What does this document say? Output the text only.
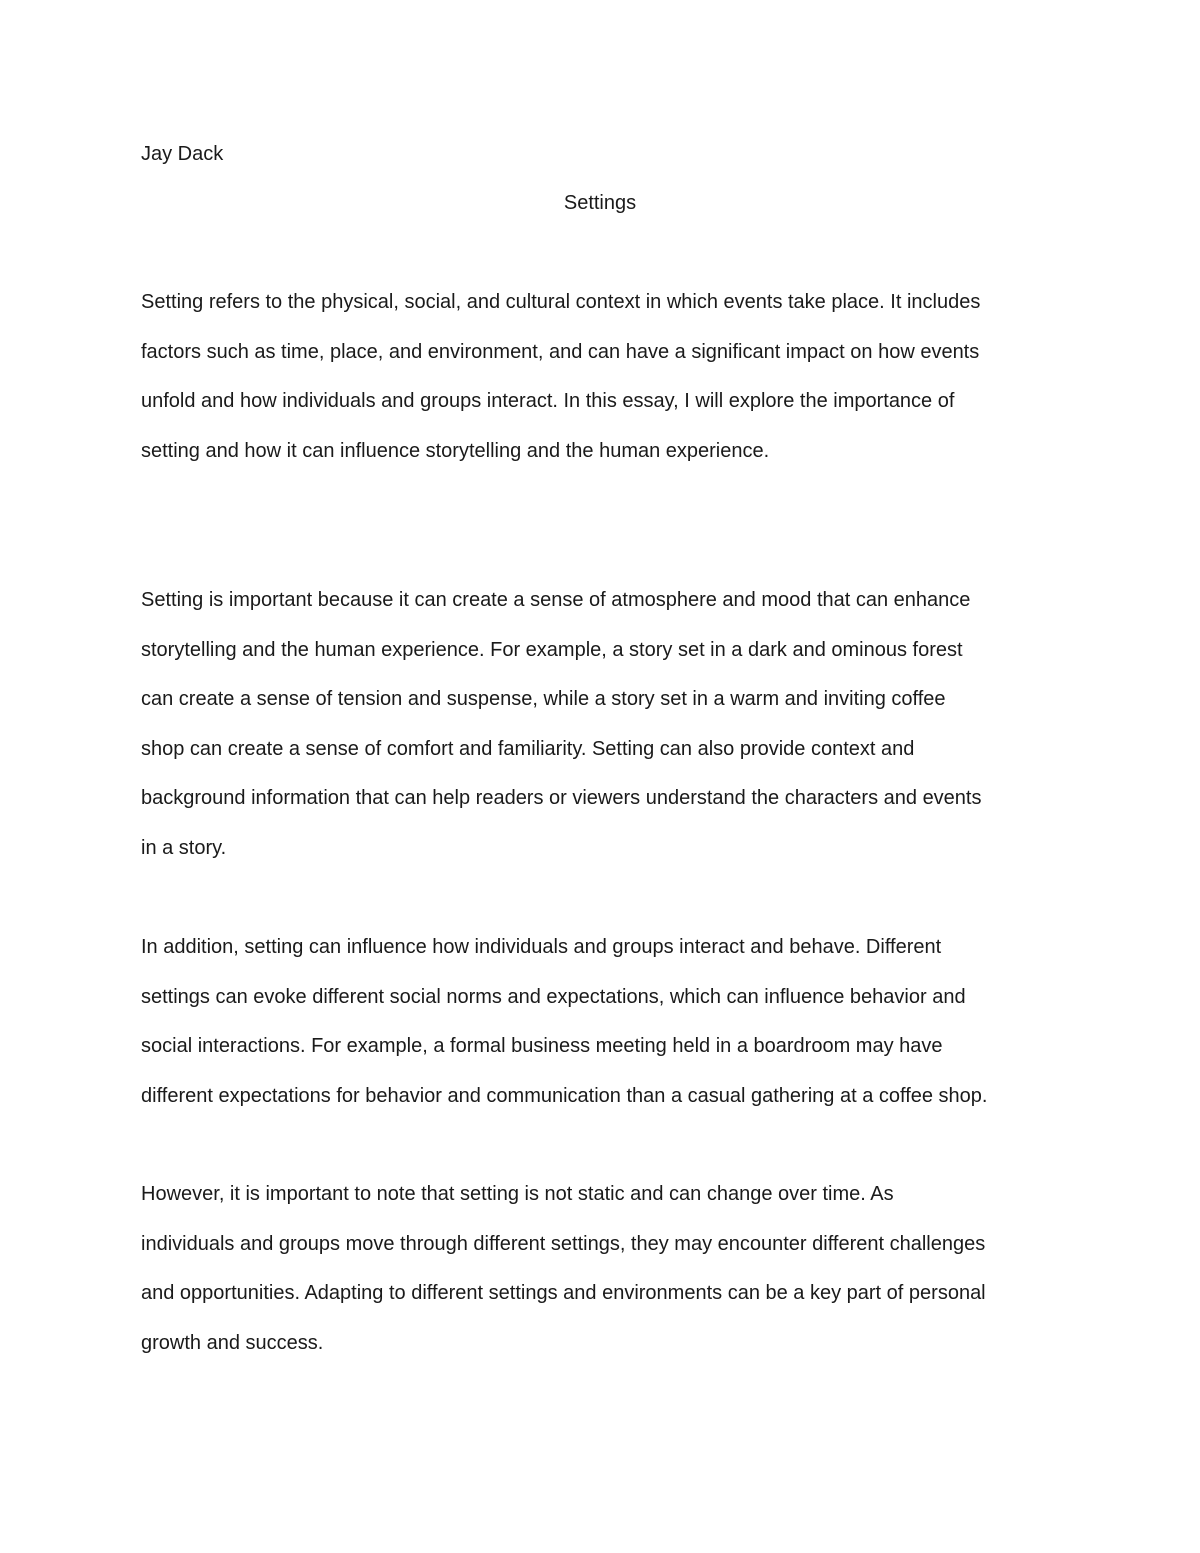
Jay Dack

Settings

Setting refers to the physical, social, and cultural context in which events take place. It includes
factors such as time, place, and environment, and can have a significant impact on how events
unfold and how individuals and groups interact. In this essay, I will explore the importance of
setting and how it can influence storytelling and the human experience.
Setting is important because it can create a sense of atmosphere and mood that can enhance
storytelling and the human experience. For example, a story set in a dark and ominous forest
can create a sense of tension and suspense, while a story set in a warm and inviting coffee
shop can create a sense of comfort and familiarity. Setting can also provide context and
background information that can help readers or viewers understand the characters and events
in a story.
In addition, setting can influence how individuals and groups interact and behave. Different
settings can evoke different social norms and expectations, which can influence behavior and
social interactions. For example, a formal business meeting held in a boardroom may have
different expectations for behavior and communication than a casual gathering at a coffee shop.
However, it is important to note that setting is not static and can change over time. As
individuals and groups move through different settings, they may encounter different challenges
and opportunities. Adapting to different settings and environments can be a key part of personal
growth and success.
